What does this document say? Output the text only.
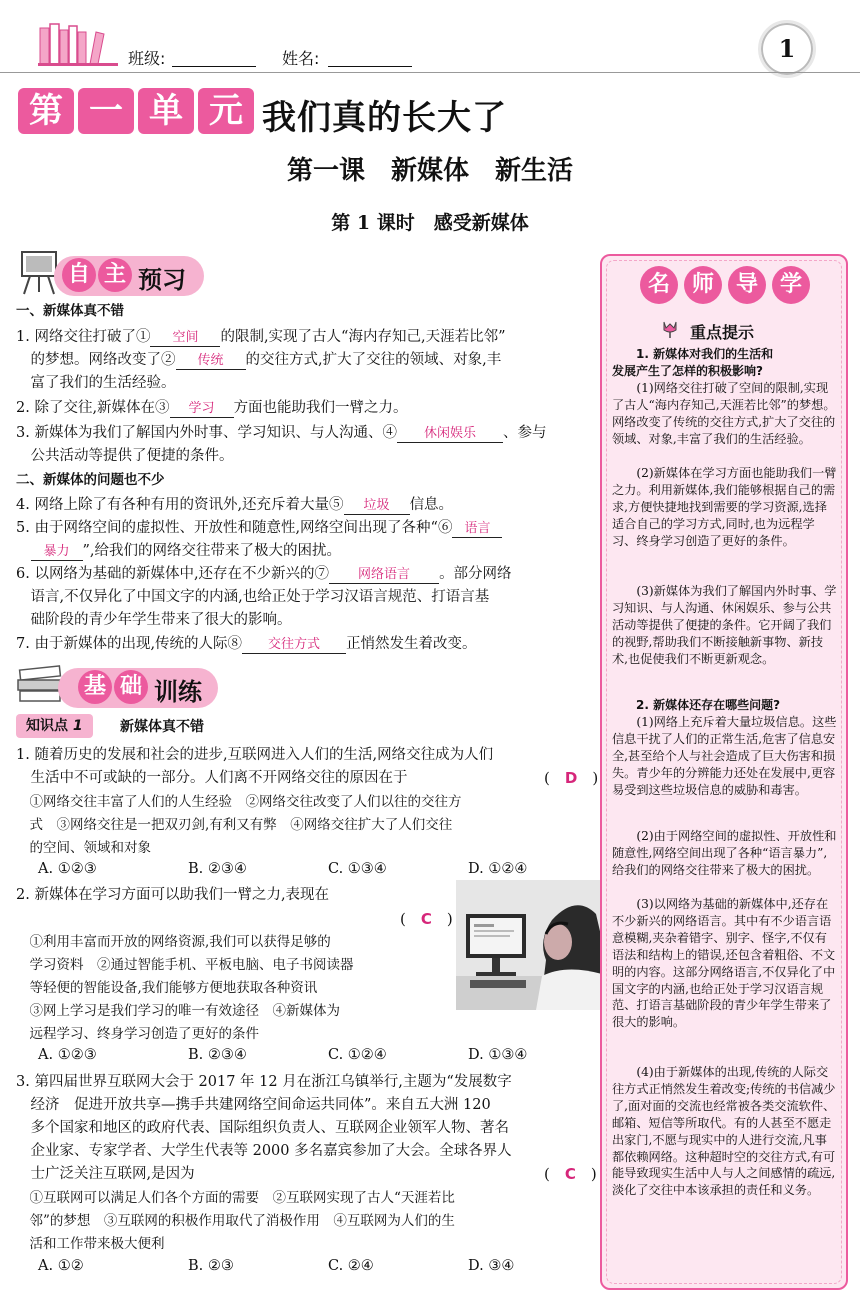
班级:	姓名:	1
第 一 单 元 我们真的长大了
第一课　新媒体　新生活
第 1 课时　感受新媒体
自 主 预习
一、新媒体真不错
1. 网络交往打破了① 空间 的限制,实现了古人“海内存知己,天涯若比邻”
　的梦想。网络改变了② 传统 的交往方式,扩大了交往的领域、对象,丰
　富了我们的生活经验。
2. 除了交往,新媒体在③ 学习 方面也能助我们一臂之力。
3. 新媒体为我们了解国内外时事、学习知识、与人沟通、④ 休闲娱乐 、参与
　公共活动等提供了便捷的条件。
二、新媒体的问题也不少
4. 网络上除了有各种有用的资讯外,还充斥着大量⑤ 垃圾 信息。
5. 由于网络空间的虚拟性、开放性和随意性,网络空间出现了各种“⑥ 语言
　暴力 ”,给我们的网络交往带来了极大的困扰。
6. 以网络为基础的新媒体中,还存在不少新兴的⑦ 网络语言 。部分网络
　语言,不仅异化了中国文字的内涵,也给正处于学习汉语言规范、打语言基
　础阶段的青少年学生带来了很大的影响。
7. 由于新媒体的出现,传统的人际⑧ 交往方式 正悄然发生着改变。
基 础 训练
知识点 1	新媒体真不错
1. 随着历史的发展和社会的进步,互联网进入人们的生活,网络交往成为人们
　生活中不可或缺的一部分。人们离不开网络交往的原因在于	(　D　)
　①网络交往丰富了人们的人生经验　②网络交往改变了人们以往的交往方
　式　③网络交往是一把双刃剑,有利又有弊　④网络交往扩大了人们交往
　的空间、领域和对象
A. ①②③	B. ②③④	C. ①③④	D. ①②④
2. 新媒体在学习方面可以助我们一臂之力,表现在
(　C　)
　①利用丰富而开放的网络资源,我们可以获得足够的
　学习资料　②通过智能手机、平板电脑、电子书阅读器
　等轻便的智能设备,我们能够方便地获取各种资讯
　③网上学习是我们学习的唯一有效途径　④新媒体为
　远程学习、终身学习创造了更好的条件
A. ①②③	B. ②③④	C. ①②④	D. ①③④
3. 第四届世界互联网大会于 2017 年 12 月在浙江乌镇举行,主题为“发展数字
　经济　促进开放共享—携手共建网络空间命运共同体”。来自五大洲 120
　多个国家和地区的政府代表、国际组织负责人、互联网企业领军人物、著名
　企业家、专家学者、大学生代表等 2000 多名嘉宾参加了大会。全球各界人
　士广泛关注互联网,是因为	(　C　)
　①互联网可以满足人们各个方面的需要　②互联网实现了古人“天涯若比
　邻”的梦想　③互联网的积极作用取代了消极作用　④互联网为人们的生
　活和工作带来极大便利
A. ①②	B. ②③	C. ②④	D. ③④
名 师 导 学
重点提示
1. 新媒体对我们的生活和
发展产生了怎样的积极影响?
(1)网络交往打破了空间的限制,实现了古人“海内存知己,天涯若比邻”的梦想。网络改变了传统的交往方式,扩大了交往的领域、对象,丰富了我们的生活经验。
(2)新媒体在学习方面也能助我们一臂之力。利用新媒体,我们能够根据自己的需求,方便快捷地找到需要的学习资源,选择适合自己的学习方式,同时,也为远程学习、终身学习创造了更好的条件。
(3)新媒体为我们了解国内外时事、学习知识、与人沟通、休闲娱乐、参与公共活动等提供了便捷的条件。它开阔了我们的视野,帮助我们不断接触新事物、新技术,也促使我们不断更新观念。
2. 新媒体还存在哪些问题?
(1)网络上充斥着大量垃圾信息。这些信息干扰了人们的正常生活,危害了信息安全,甚至给个人与社会造成了巨大伤害和损失。青少年的分辨能力还处在发展中,更容易受到这些垃圾信息的威胁和毒害。
(2)由于网络空间的虚拟性、开放性和随意性,网络空间出现了各种“语言暴力”,给我们的网络交往带来了极大的困扰。
(3)以网络为基础的新媒体中,还存在不少新兴的网络语言。其中有不少语言语意模糊,夹杂着错字、别字、怪字,不仅有语法和结构上的错误,还包含着粗俗、不文明的内容。这部分网络语言,不仅异化了中国文字的内涵,也给正处于学习汉语言规范、打语言基础阶段的青少年学生带来了很大的影响。
(4)由于新媒体的出现,传统的人际交往方式正悄然发生着改变;传统的书信减少了,面对面的交流也经常被各类交流软件、邮箱、短信等所取代。有的人甚至不愿走出家门,不愿与现实中的人进行交流,凡事都依赖网络。这种超时空的交往方式,有可能导致现实生活中人与人之间感情的疏远,淡化了交往中本该承担的责任和义务。
